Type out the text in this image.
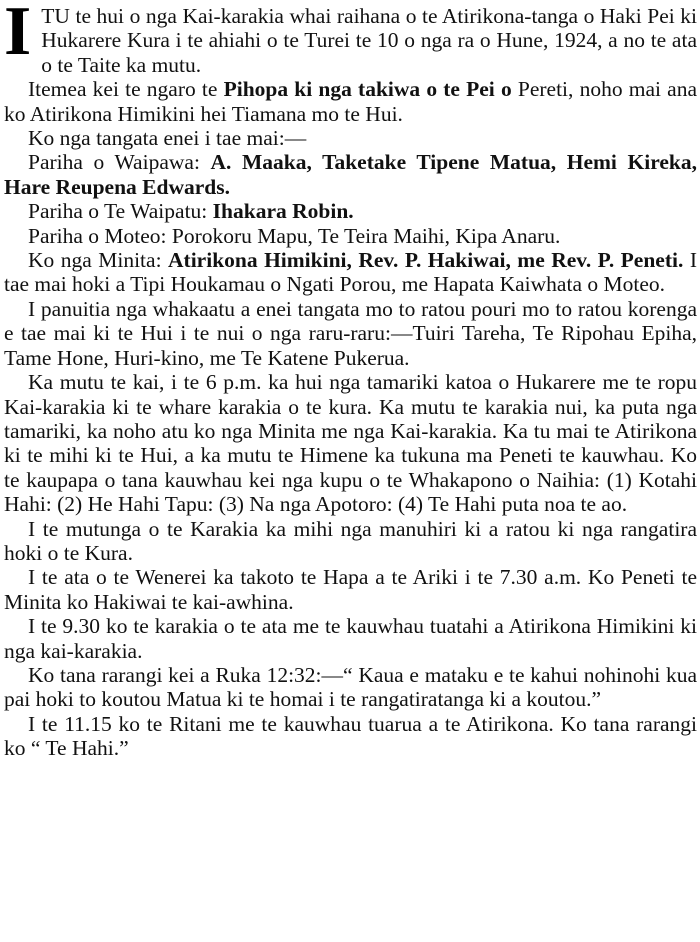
ITU te hui o nga Kai-karakia whai raihana o te Atirikona-tanga o Haki Pei ki Hukarere Kura i te ahiahi o te Turei te 10 o nga ra o Hune, 1924, a no te ata o te Taite ka mutu.

Itemea kei te ngaro te Pihopa ki nga takiwa o te Pei o Pereti, noho mai ana ko Atirikona Himikini hei Tiamana mo te Hui.

Ko nga tangata enei i tae mai:—

Pariha o Waipawa: A. Maaka, Taketake Tipene Matua, Hemi Kireka, Hare Reupena Edwards.

Pariha o Te Waipatu: Ihakara Robin.

Pariha o Moteo: Porokoru Mapu, Te Teira Maihi, Kipa Anaru.

Ko nga Minita: Atirikona Himikini, Rev. P. Hakiwai, me Rev. P. Peneti. I tae mai hoki a Tipi Houkamau o Ngati Porou, me Hapata Kaiwhata o Moteo.

I panuitia nga whakaatu a enei tangata mo to ratou pouri mo to ratou korenga e tae mai ki te Hui i te nui o nga raru-raru:—Tuiri Tareha, Te Ripohau Epiha, Tame Hone, Huri-kino, me Te Katene Pukerua.

Ka mutu te kai, i te 6 p.m. ka hui nga tamariki katoa o Hukarere me te ropu Kai-karakia ki te whare karakia o te kura. Ka mutu te karakia nui, ka puta nga tamariki, ka noho atu ko nga Minita me nga Kai-karakia. Ka tu mai te Atirikona ki te mihi ki te Hui, a ka mutu te Himene ka tukuna ma Peneti te kauwhau. Ko te kaupapa o tana kauwhau kei nga kupu o te Whakapono o Naihia: (1) Kotahi Hahi: (2) He Hahi Tapu: (3) Na nga Apotoro: (4) Te Hahi puta noa te ao.

I te mutunga o te Karakia ka mihi nga manuhiri ki a ratou ki nga rangatira hoki o te Kura.

I te ata o te Wenerei ka takoto te Hapa a te Ariki i te 7.30 a.m. Ko Peneti te Minita ko Hakiwai te kai-awhina.

I te 9.30 ko te karakia o te ata me te kauwhau tuatahi a Atirikona Himikini ki nga kai-karakia.

Ko tana rarangi kei a Ruka 12:32:—“ Kaua e mataku e te kahui nohinohi kua pai hoki to koutou Matua ki te homai i te rangatiratanga ki a koutou.”

I te 11.15 ko te Ritani me te kauwhau tuarua a te Atirikona. Ko tana rarangi ko “ Te Hahi.”
